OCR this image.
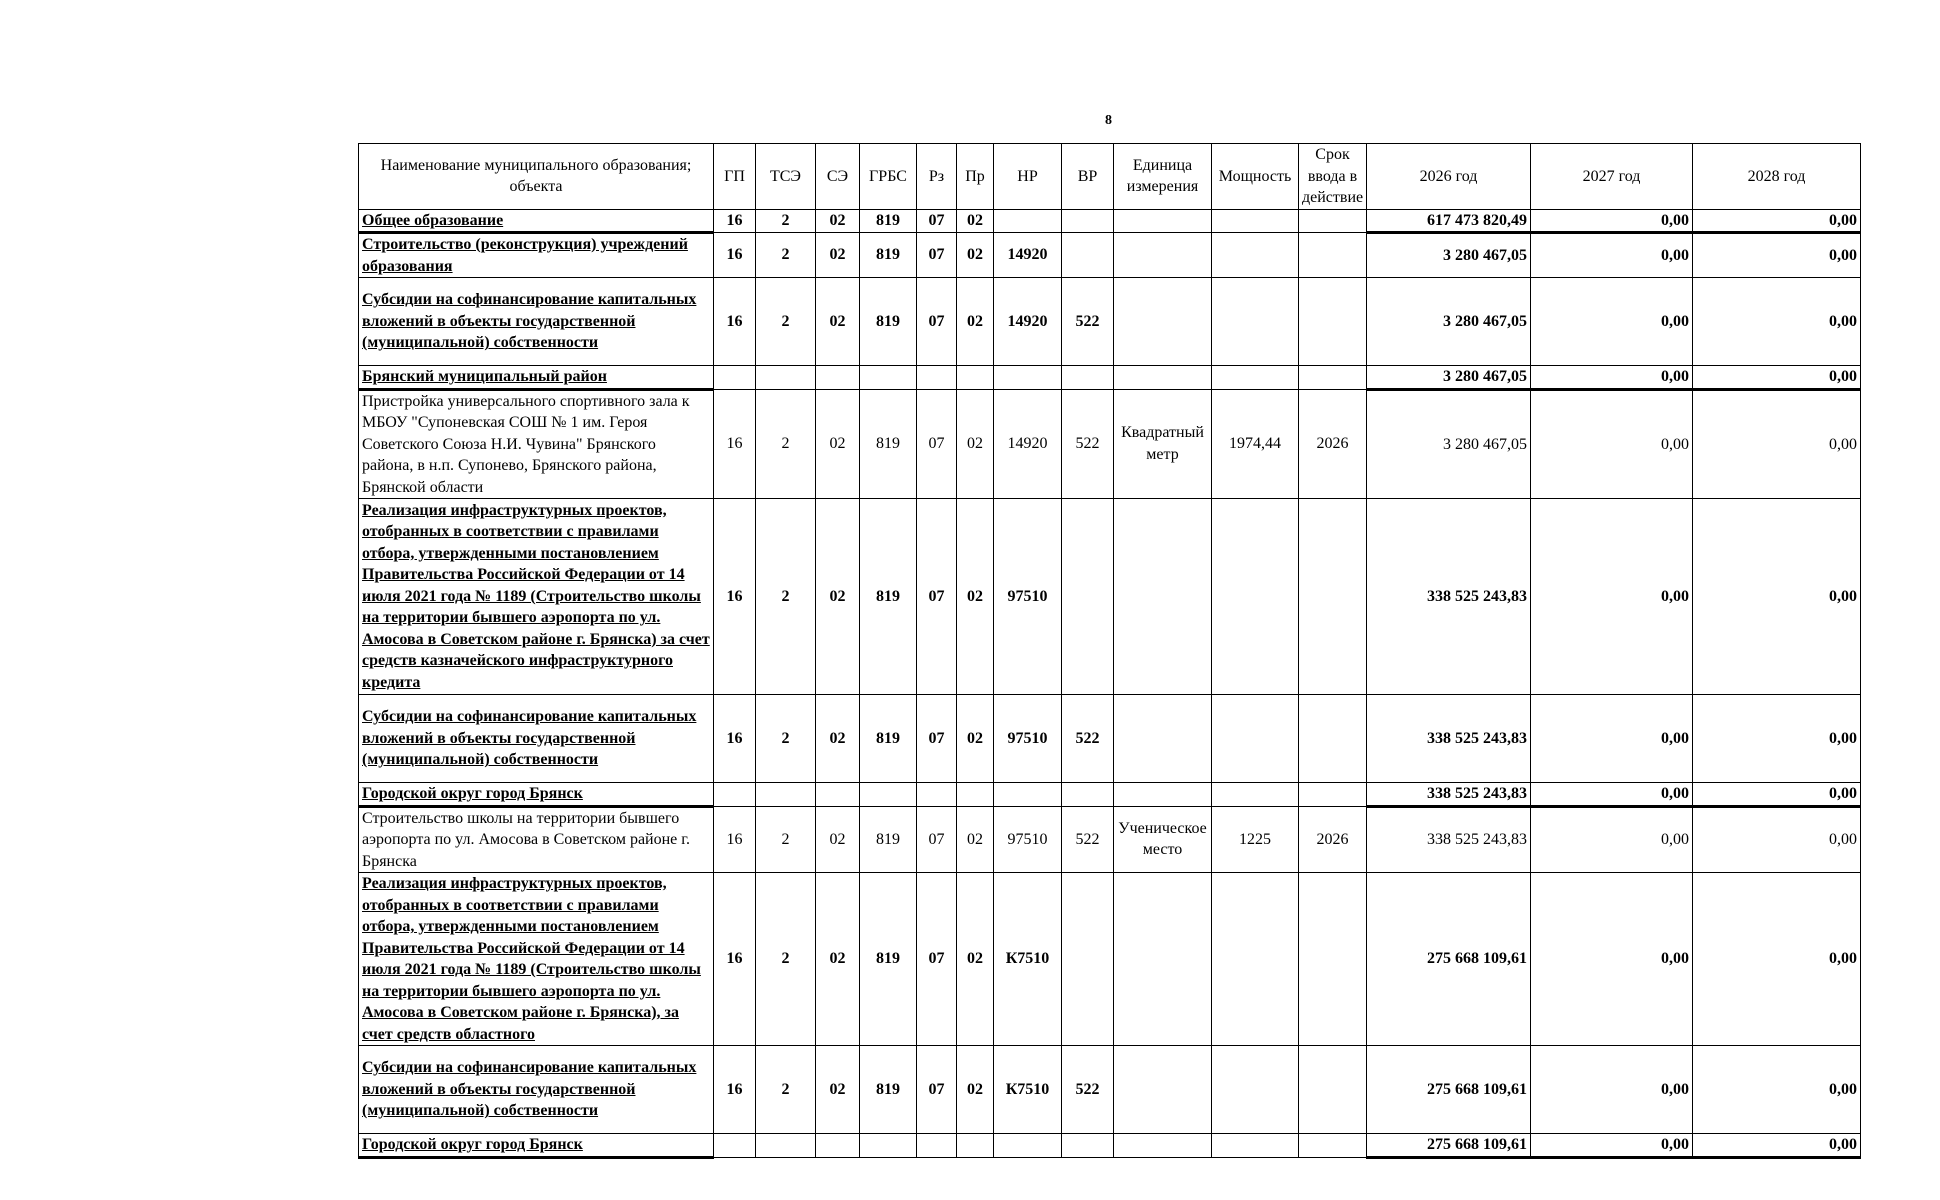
8
Наименование муниципального образования; объекта	ГП	ТСЭ	СЭ	ГРБС	Рз	Пр	НР	ВР	Единица измерения	Мощность	Срок ввода в действие	2026 год	2027 год	2028 год
Общее образование	16	2	02	819	07	02						617 473 820,49	0,00	0,00
Строительство (реконструкция) учреждений образования	16	2	02	819	07	02	14920					3 280 467,05	0,00	0,00
Субсидии на софинансирование капитальных вложений в объекты государственной (муниципальной) собственности	16	2	02	819	07	02	14920	522				3 280 467,05	0,00	0,00
Брянский муниципальный район												3 280 467,05	0,00	0,00
Пристройка универсального спортивного зала к МБОУ "Супоневская СОШ № 1 им. Героя Советского Союза Н.И. Чувина" Брянского района, в н.п. Супонево, Брянского района, Брянской области	16	2	02	819	07	02	14920	522	Квадратный метр	1974,44	2026	3 280 467,05	0,00	0,00
Реализация инфраструктурных проектов, отобранных в соответствии с правилами отбора, утвержденными постановлением Правительства Российской Федерации от 14 июля 2021 года № 1189 (Строительство школы на территории бывшего аэропорта по ул. Амосова в Советском районе г. Брянска) за счет средств казначейского инфраструктурного кредита	16	2	02	819	07	02	97510					338 525 243,83	0,00	0,00
Субсидии на софинансирование капитальных вложений в объекты государственной (муниципальной) собственности	16	2	02	819	07	02	97510	522				338 525 243,83	0,00	0,00
Городской округ город Брянск												338 525 243,83	0,00	0,00
Строительство школы на территории бывшего аэропорта по ул. Амосова в Советском районе г. Брянска	16	2	02	819	07	02	97510	522	Ученическое место	1225	2026	338 525 243,83	0,00	0,00
Реализация инфраструктурных проектов, отобранных в соответствии с правилами отбора, утвержденными постановлением Правительства Российской Федерации от 14 июля 2021 года № 1189 (Строительство школы на территории бывшего аэропорта по ул. Амосова в Советском районе г. Брянска), за счет средств областного	16	2	02	819	07	02	К7510					275 668 109,61	0,00	0,00
Субсидии на софинансирование капитальных вложений в объекты государственной (муниципальной) собственности	16	2	02	819	07	02	К7510	522				275 668 109,61	0,00	0,00
Городской округ город Брянск												275 668 109,61	0,00	0,00
